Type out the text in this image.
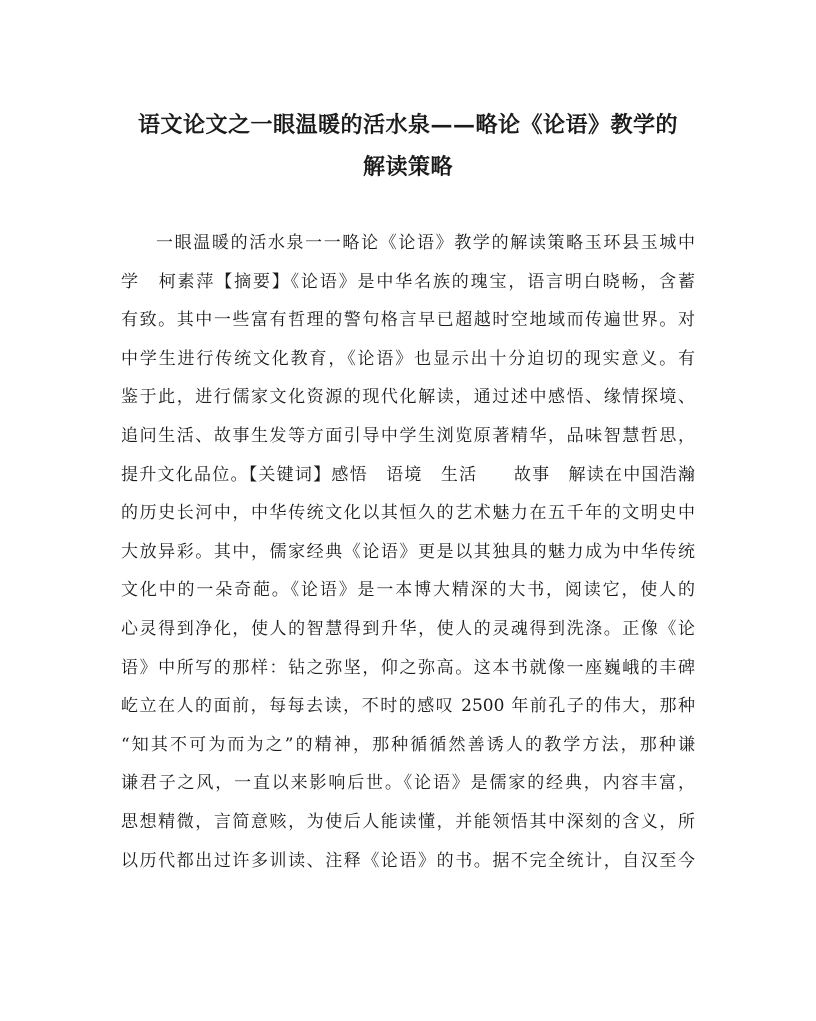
语文论文之一眼温暖的活水泉——略论《论语》教学的
解读策略
一眼温暖的活水泉一一略论《论语》教学的解读策略玉环县玉城中
学　柯素萍【摘要】《论语》是中华名族的瑰宝，语言明白晓畅，含蓄
有致。其中一些富有哲理的警句格言早已超越时空地域而传遍世界。对
中学生进行传统文化教育，《论语》也显示出十分迫切的现实意义。有
鉴于此，进行儒家文化资源的现代化解读，通过述中感悟、缘情探境、
追问生活、故事生发等方面引导中学生浏览原著精华，品味智慧哲思，
提升文化品位。【关键词】感悟　语境　生活　　故事　解读在中国浩瀚
的历史长河中，中华传统文化以其恒久的艺术魅力在五千年的文明史中
大放异彩。其中，儒家经典《论语》更是以其独具的魅力成为中华传统
文化中的一朵奇葩。《论语》是一本博大精深的大书，阅读它，使人的
心灵得到净化，使人的智慧得到升华，使人的灵魂得到洗涤。正像《论
语》中所写的那样：钻之弥坚，仰之弥高。这本书就像一座巍峨的丰碑
屹立在人的面前，每每去读，不时的感叹 2500 年前孔子的伟大，那种
“知其不可为而为之”的精神，那种循循然善诱人的教学方法，那种谦
谦君子之风，一直以来影响后世。《论语》是儒家的经典，内容丰富，
思想精微，言简意赅，为使后人能读懂，并能领悟其中深刻的含义，所
以历代都出过许多训读、注释《论语》的书。据不完全统计，自汉至今
